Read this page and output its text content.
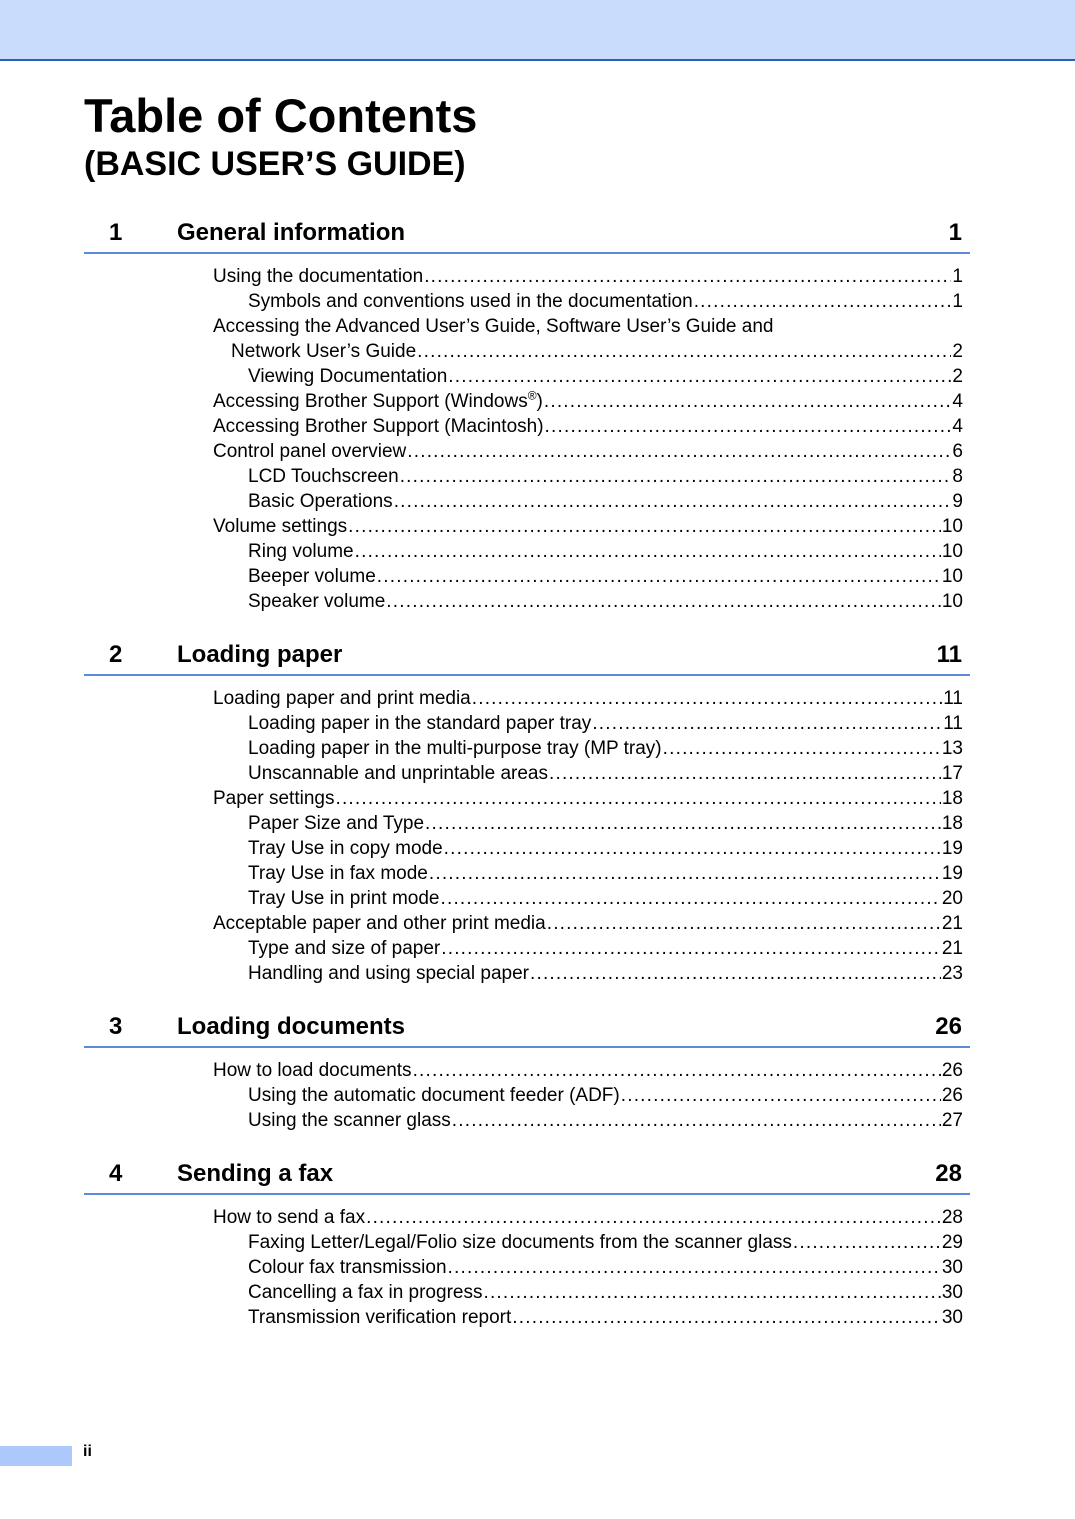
Table of Contents
(BASIC USER’S GUIDE)
1 General information	1
Using the documentation .....	1
Symbols and conventions used in the documentation .....	1
Accessing the Advanced User’s Guide, Software User’s Guide and
Network User’s Guide .....	2
Viewing Documentation .....	2
Accessing Brother Support (Windows®) .....	4
Accessing Brother Support (Macintosh) .....	4
Control panel overview .....	6
LCD Touchscreen .....	8
Basic Operations .....	9
Volume settings .....	10
Ring volume .....	10
Beeper volume .....	10
Speaker volume .....	10
2 Loading paper	11
Loading paper and print media .....	11
Loading paper in the standard paper tray .....	11
Loading paper in the multi-purpose tray (MP tray) .....	13
Unscannable and unprintable areas .....	17
Paper settings .....	18
Paper Size and Type .....	18
Tray Use in copy mode .....	19
Tray Use in fax mode .....	19
Tray Use in print mode .....	20
Acceptable paper and other print media .....	21
Type and size of paper .....	21
Handling and using special paper .....	23
3 Loading documents	26
How to load documents .....	26
Using the automatic document feeder (ADF) .....	26
Using the scanner glass .....	27
4 Sending a fax	28
How to send a fax .....	28
Faxing Letter/Legal/Folio size documents from the scanner glass .....	29
Colour fax transmission .....	30
Cancelling a fax in progress .....	30
Transmission verification report .....	30
ii
